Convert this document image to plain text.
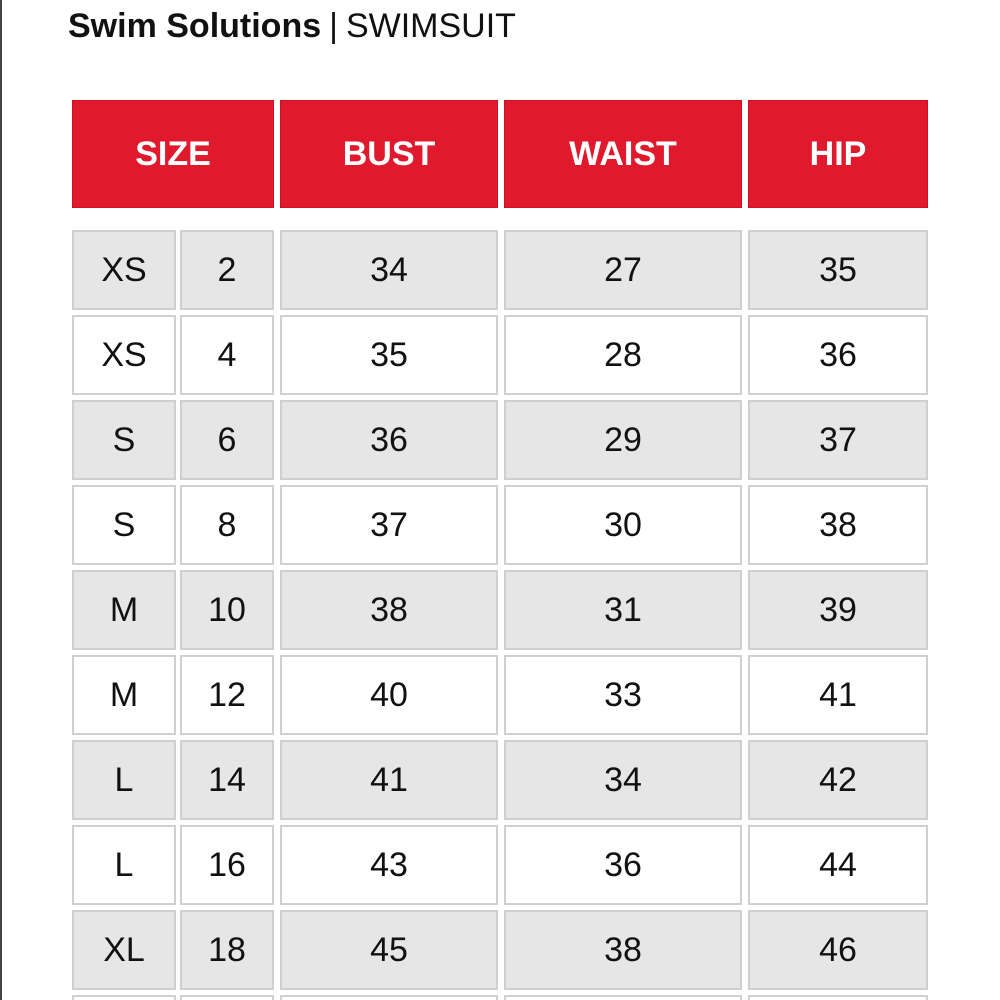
Swim Solutions | SWIMSUIT
SIZE	BUST	WAIST	HIP
XS	2	34	27	35
XS	4	35	28	36
S	6	36	29	37
S	8	37	30	38
M	10	38	31	39
M	12	40	33	41
L	14	41	34	42
L	16	43	36	44
XL	18	45	38	46
